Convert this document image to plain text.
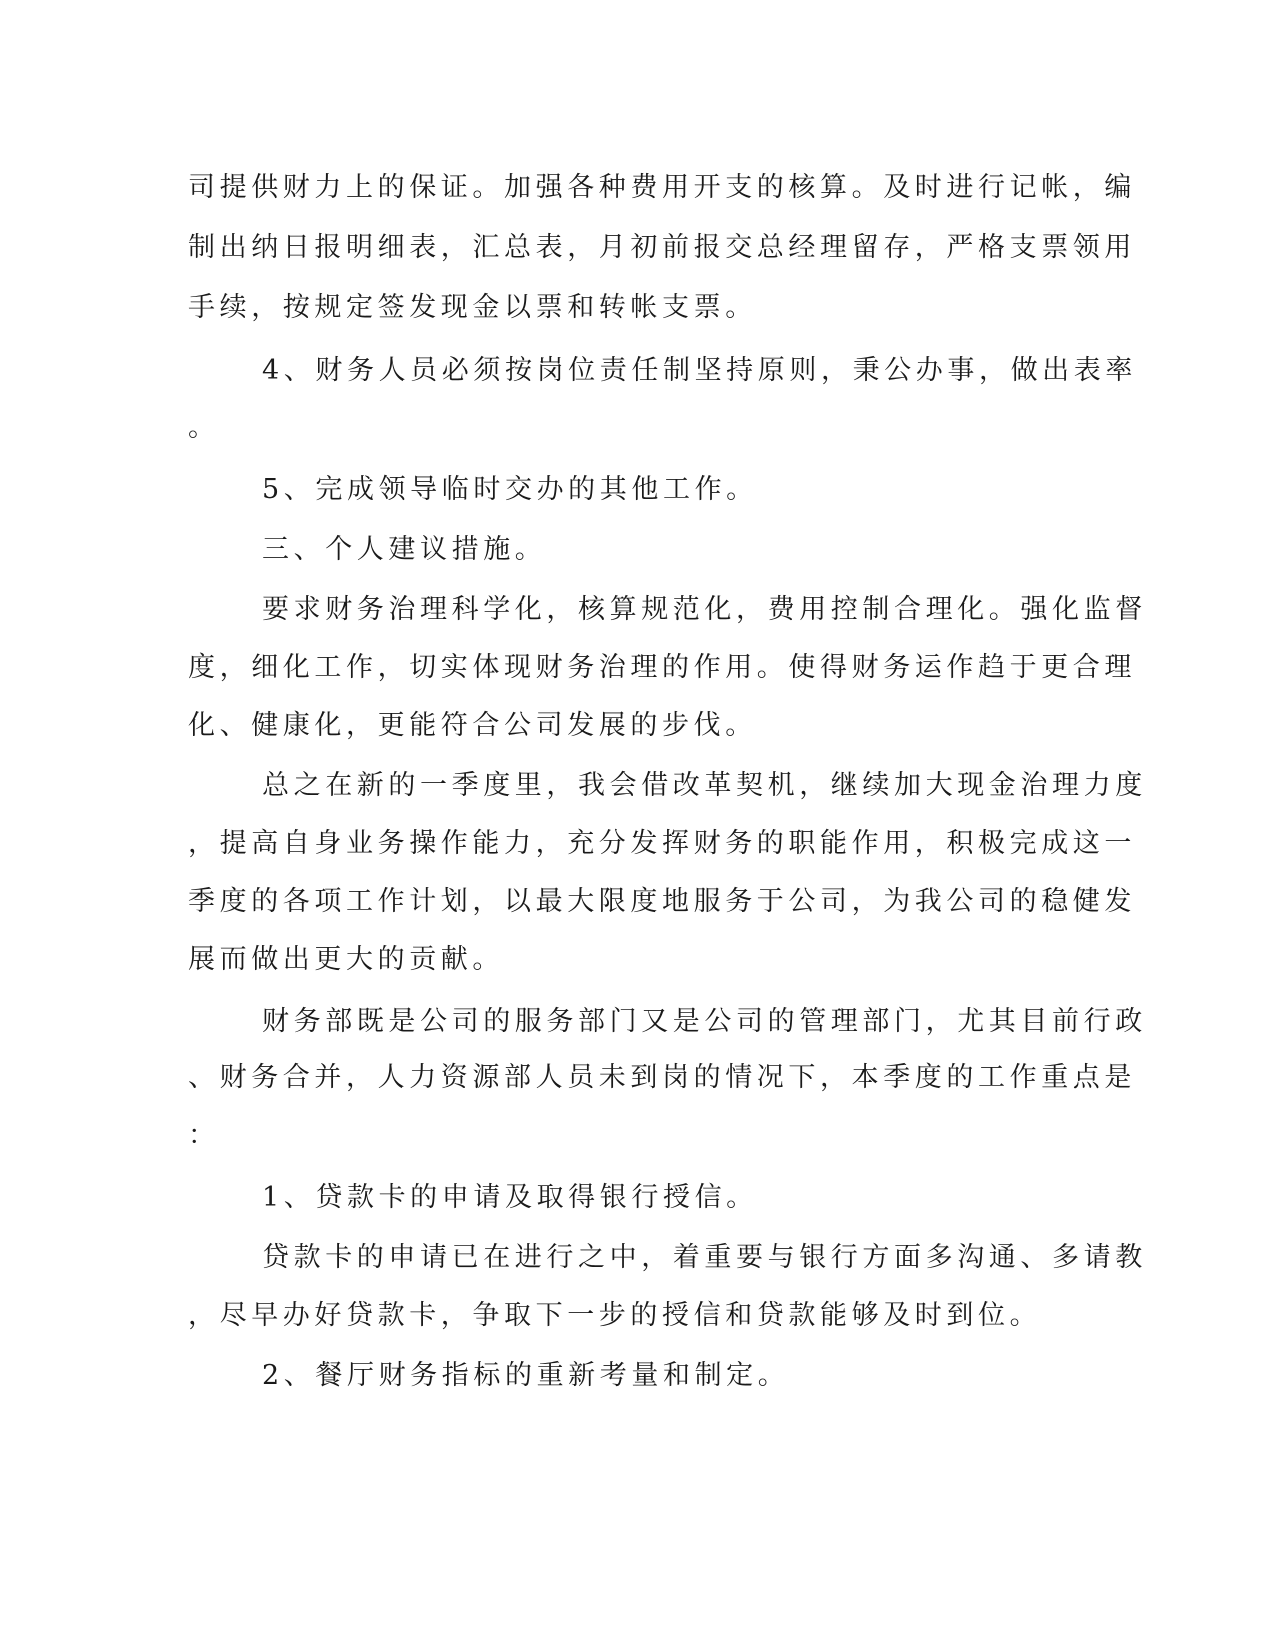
司提供财力上的保证。加强各种费用开支的核算。及时进行记帐，编

制出纳日报明细表，汇总表，月初前报交总经理留存，严格支票领用

手续，按规定签发现金以票和转帐支票。

4、财务人员必须按岗位责任制坚持原则，秉公办事，做出表率

。

5、完成领导临时交办的其他工作。

三、个人建议措施。

要求财务治理科学化，核算规范化，费用控制合理化。强化监督

度，细化工作，切实体现财务治理的作用。使得财务运作趋于更合理

化、健康化，更能符合公司发展的步伐。

总之在新的一季度里，我会借改革契机，继续加大现金治理力度

，提高自身业务操作能力，充分发挥财务的职能作用，积极完成这一

季度的各项工作计划，以最大限度地服务于公司，为我公司的稳健发

展而做出更大的贡献。

财务部既是公司的服务部门又是公司的管理部门，尤其目前行政

、财务合并，人力资源部人员未到岗的情况下，本季度的工作重点是

：

1、贷款卡的申请及取得银行授信。

贷款卡的申请已在进行之中，着重要与银行方面多沟通、多请教

，尽早办好贷款卡，争取下一步的授信和贷款能够及时到位。

2、餐厅财务指标的重新考量和制定。
